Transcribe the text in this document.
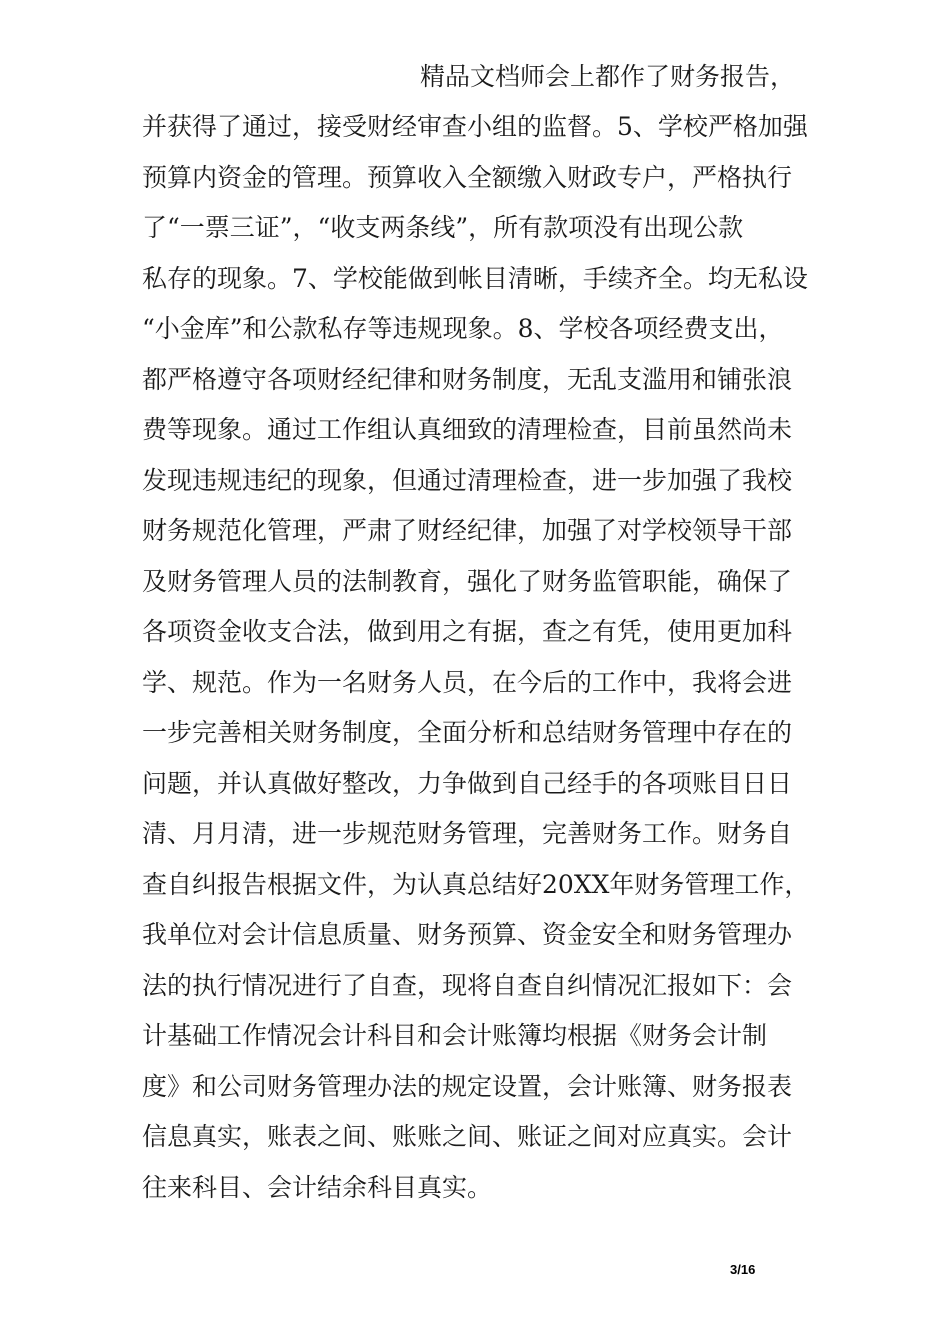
精品文档师会上都作了财务报告，
并获得了通过，接受财经审查小组的监督。5、学校严格加强
预算内资金的管理。预算收入全额缴入财政专户，严格执行
了“一票三证”，“收支两条线”，所有款项没有出现公款
私存的现象。7、学校能做到帐目清晰，手续齐全。均无私设
“小金库”和公款私存等违规现象。8、学校各项经费支出，
都严格遵守各项财经纪律和财务制度，无乱支滥用和铺张浪
费等现象。通过工作组认真细致的清理检查，目前虽然尚未
发现违规违纪的现象，但通过清理检查，进一步加强了我校
财务规范化管理，严肃了财经纪律，加强了对学校领导干部
及财务管理人员的法制教育，强化了财务监管职能，确保了
各项资金收支合法，做到用之有据，查之有凭，使用更加科
学、规范。作为一名财务人员，在今后的工作中，我将会进
一步完善相关财务制度，全面分析和总结财务管理中存在的
问题，并认真做好整改，力争做到自己经手的各项账目日日
清、月月清，进一步规范财务管理，完善财务工作。财务自
查自纠报告根据文件，为认真总结好20XX年财务管理工作，
我单位对会计信息质量、财务预算、资金安全和财务管理办
法的执行情况进行了自查，现将自查自纠情况汇报如下：会
计基础工作情况会计科目和会计账簿均根据《财务会计制
度》和公司财务管理办法的规定设置，会计账簿、财务报表
信息真实，账表之间、账账之间、账证之间对应真实。会计
往来科目、会计结余科目真实。
3/16
